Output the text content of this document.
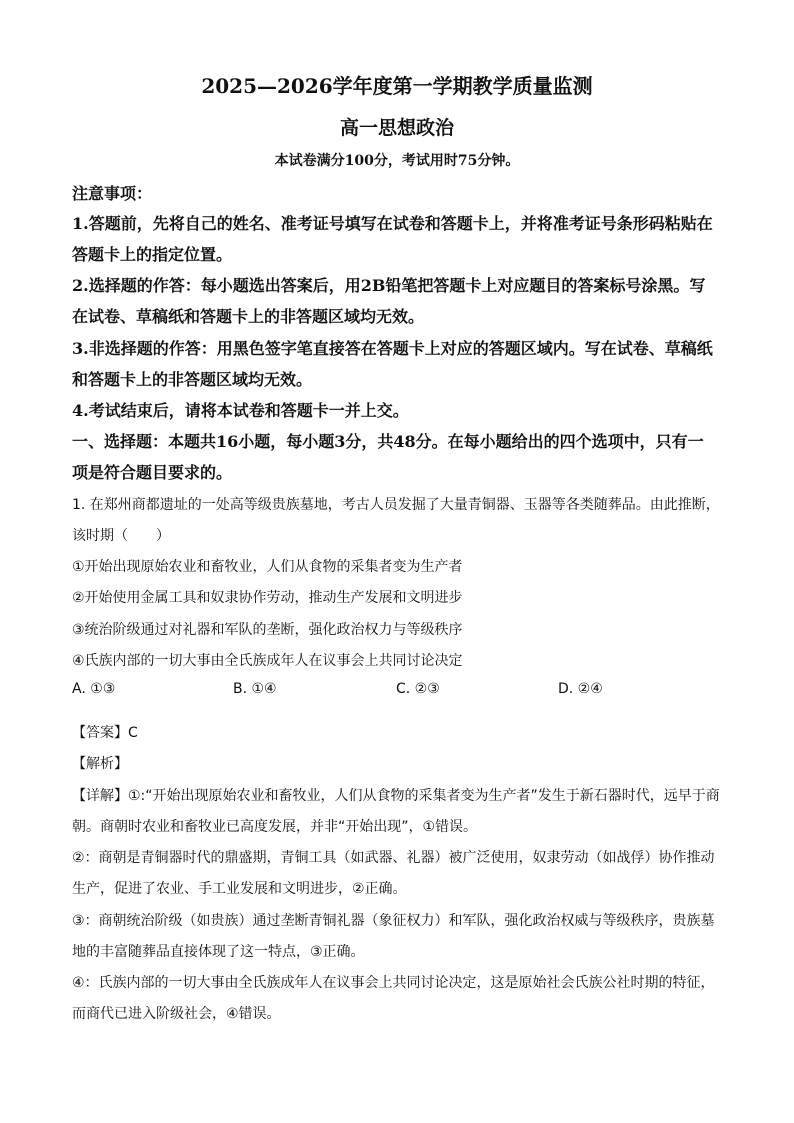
2025—2026学年度第一学期教学质量监测
高一思想政治
本试卷满分100分，考试用时75分钟。
注意事项：
1.答题前，先将自己的姓名、准考证号填写在试卷和答题卡上，并将准考证号条形码粘贴在
答题卡上的指定位置。
2.选择题的作答：每小题选出答案后，用2B铅笔把答题卡上对应题目的答案标号涂黑。写
在试卷、草稿纸和答题卡上的非答题区域均无效。
3.非选择题的作答：用黑色签字笔直接答在答题卡上对应的答题区域内。写在试卷、草稿纸
和答题卡上的非答题区域均无效。
4.考试结束后，请将本试卷和答题卡一并上交。
一、选择题：本题共16小题，每小题3分，共48分。在每小题给出的四个选项中，只有一
项是符合题目要求的。
1. 在郑州商都遗址的一处高等级贵族墓地，考古人员发掘了大量青铜器、玉器等各类随葬品。由此推断，
该时期（　　）
①开始出现原始农业和畜牧业，人们从食物的采集者变为生产者
②开始使用金属工具和奴隶协作劳动，推动生产发展和文明进步
③统治阶级通过对礼器和军队的垄断，强化政治权力与等级秩序
④氏族内部的一切大事由全氏族成年人在议事会上共同讨论决定
A. ①③	B. ①④	C. ②③	D. ②④
【答案】C
【解析】
【详解】①:“开始出现原始农业和畜牧业，人们从食物的采集者变为生产者”发生于新石器时代，远早于商
朝。商朝时农业和畜牧业已高度发展，并非“开始出现”，①错误。
②：商朝是青铜器时代的鼎盛期，青铜工具（如武器、礼器）被广泛使用，奴隶劳动（如战俘）协作推动
生产，促进了农业、手工业发展和文明进步，②正确。
③：商朝统治阶级（如贵族）通过垄断青铜礼器（象征权力）和军队，强化政治权威与等级秩序，贵族墓
地的丰富随葬品直接体现了这一特点，③正确。
④：氏族内部的一切大事由全氏族成年人在议事会上共同讨论决定，这是原始社会氏族公社时期的特征，
而商代已进入阶级社会，④错误。
